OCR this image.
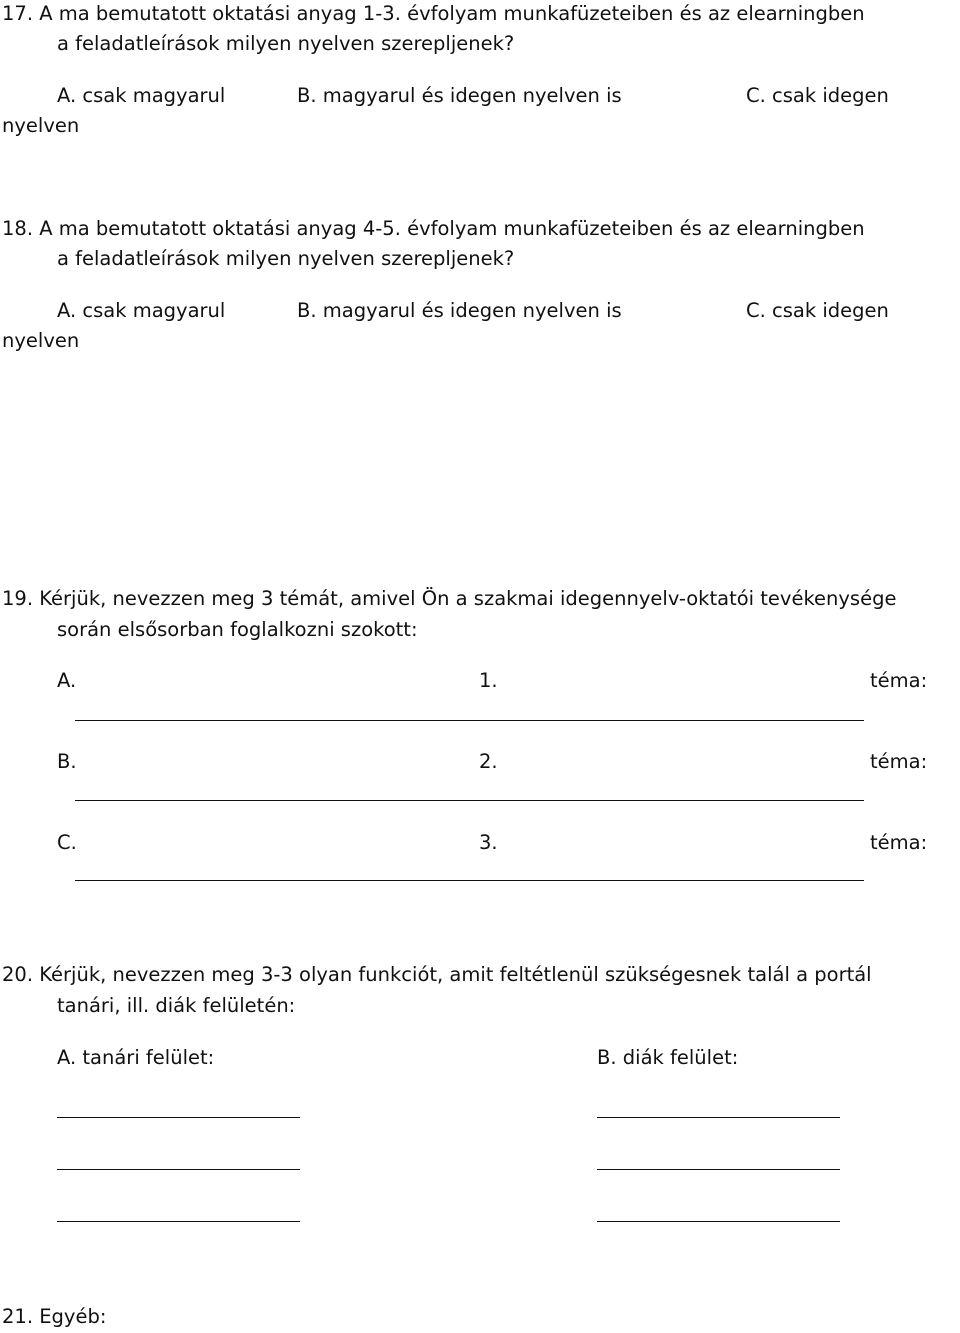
17. A ma bemutatott oktatási anyag 1-3. évfolyam munkafüzeteiben és az elearningben
a feladatleírások milyen nyelven szerepljenek?
A. csak magyarul	B. magyarul és idegen nyelven is	C. csak idegen
nyelven
18. A ma bemutatott oktatási anyag 4-5. évfolyam munkafüzeteiben és az elearningben
a feladatleírások milyen nyelven szerepljenek?
A. csak magyarul	B. magyarul és idegen nyelven is	C. csak idegen
nyelven
19. Kérjük, nevezzen meg 3 témát, amivel Ön a szakmai idegennyelv-oktatói tevékenysége
során elsősorban foglalkozni szokott:
A.	1.	téma:
B.	2.	téma:
C.	3.	téma:
20. Kérjük, nevezzen meg 3-3 olyan funkciót, amit feltétlenül szükségesnek talál a portál
tanári, ill. diák felületén:
A. tanári felület:	B. diák felület:
21. Egyéb:
